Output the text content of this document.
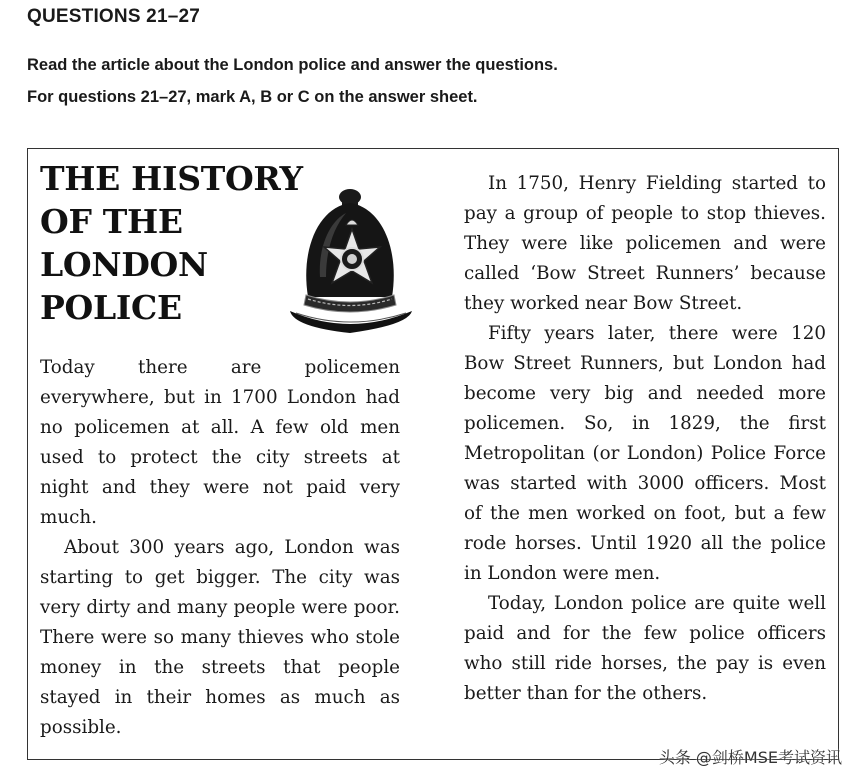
QUESTIONS 21–27

Read the article about the London police and answer the questions.

For questions 21–27, mark A, B or C on the answer sheet.

THE HISTORY
OF THE
LONDON
POLICE

Today there are policemen everywhere, but in 1700 London had no policemen at all. A few old men used to protect the city streets at night and they were not paid very much.

About 300 years ago, London was starting to get bigger. The city was very dirty and many people were poor. There were so many thieves who stole money in the streets that people stayed in their homes as much as possible.

In 1750, Henry Fielding started to pay a group of people to stop thieves. They were like policemen and were called ‘Bow Street Runners’ because they worked near Bow Street.

Fifty years later, there were 120 Bow Street Runners, but London had become very big and needed more policemen. So, in 1829, the first Metropolitan (or London) Police Force was started with 3000 officers. Most of the men worked on foot, but a few rode horses. Until 1920 all the police in London were men.

Today, London police are quite well paid and for the few police officers who still ride horses, the pay is even better than for the others.

头条 @剑桥MSE考试资讯
